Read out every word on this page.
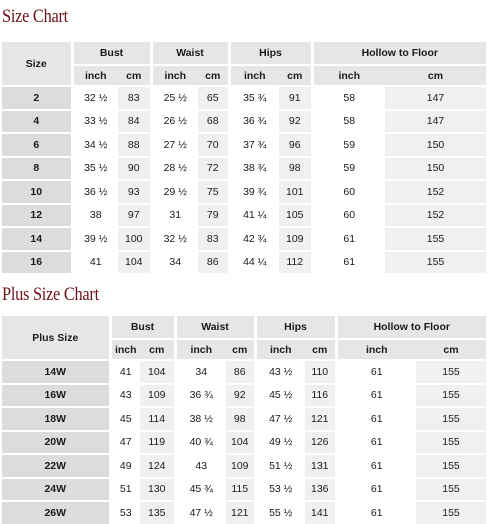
Size Chart
Size	Bust		Waist		Hips		Hollow to Floor	
	inch	cm	inch	cm	inch	cm	inch	cm
2	32 ½	83	25 ½	65	35 ¾	91	58	147
4	33 ½	84	26 ½	68	36 ¾	92	58	147
6	34 ½	88	27 ½	70	37 ¾	96	59	150
8	35 ½	90	28 ½	72	38 ¾	98	59	150
10	36 ½	93	29 ½	75	39 ¾	101	60	152
12	38	97	31	79	41 ¼	105	60	152
14	39 ½	100	32 ½	83	42 ¾	109	61	155
16	41	104	34	86	44 ¼	112	61	155
Plus Size Chart
Plus Size	Bust		Waist		Hips		Hollow to Floor	
	inch	cm	inch	cm	inch	cm	inch	cm
14W	41	104	34	86	43 ½	110	61	155
16W	43	109	36 ¾	92	45 ½	116	61	155
18W	45	114	38 ½	98	47 ½	121	61	155
20W	47	119	40 ¾	104	49 ½	126	61	155
22W	49	124	43	109	51 ½	131	61	155
24W	51	130	45 ¾	115	53 ½	136	61	155
26W	53	135	47 ½	121	55 ½	141	61	155
